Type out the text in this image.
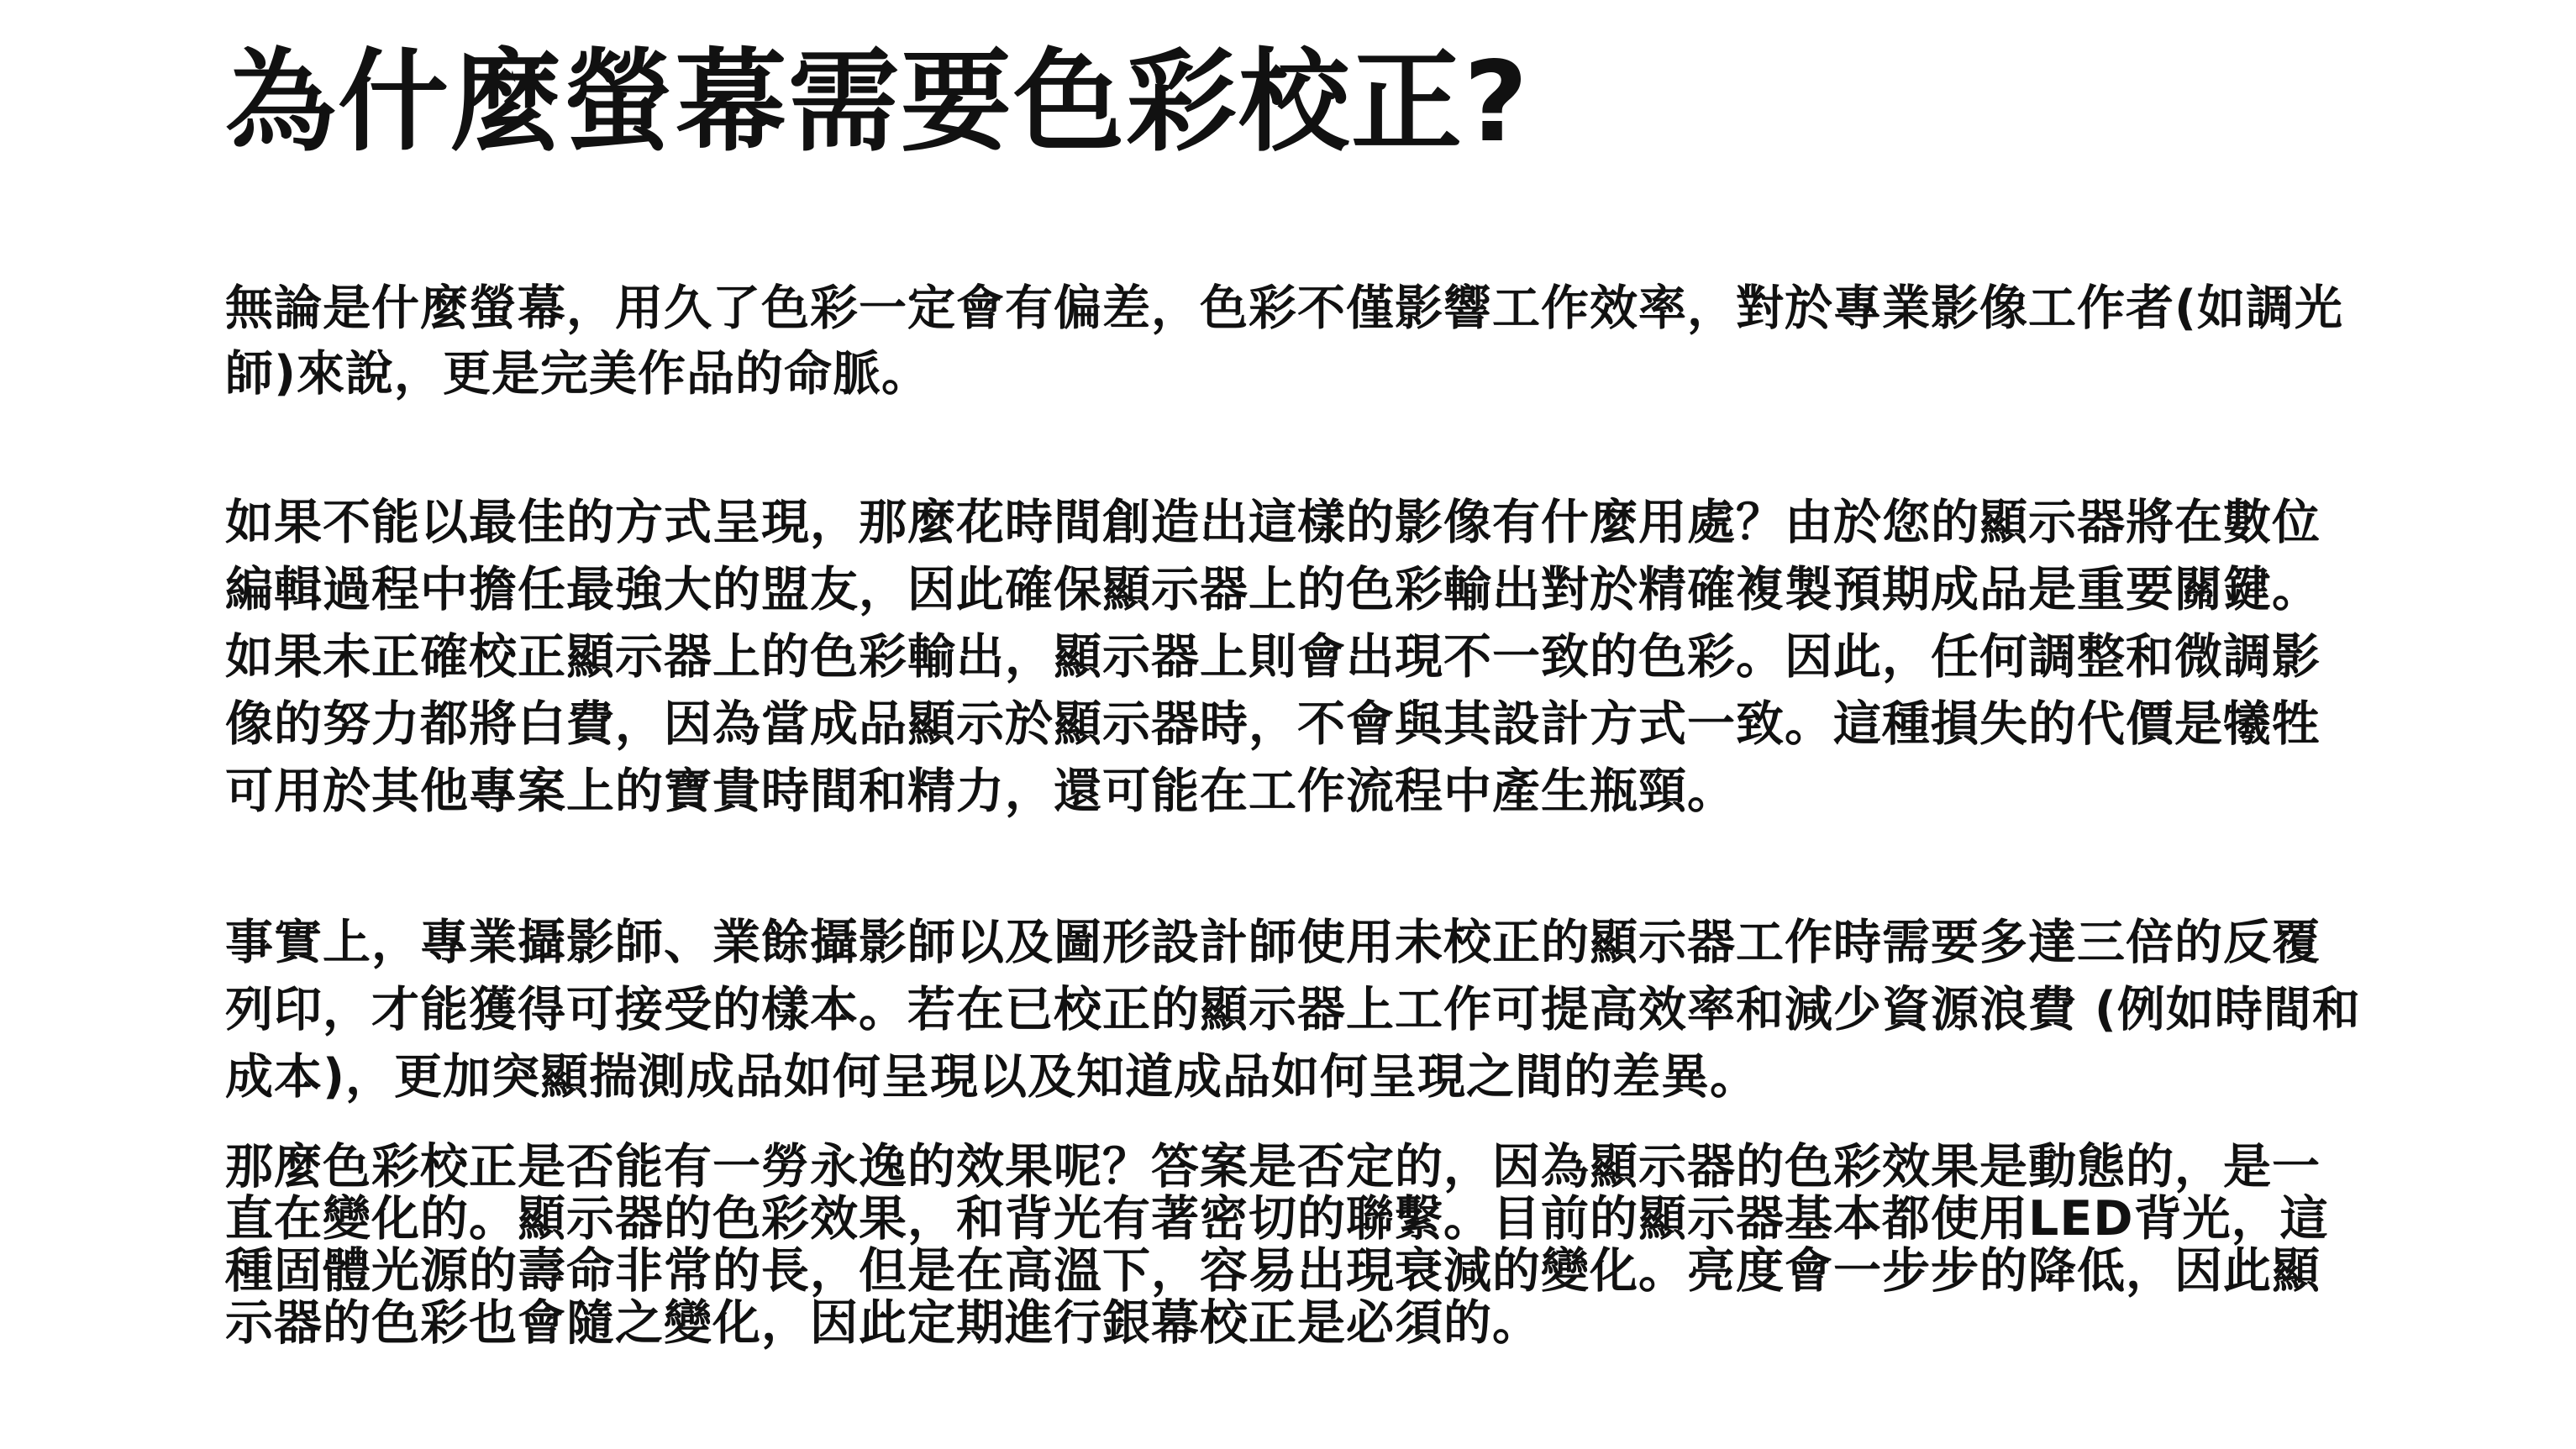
為什麼螢幕需要色彩校正?

無論是什麼螢幕，用久了色彩一定會有偏差，色彩不僅影響工作效率，對於專業影像工作者(如調光
師)來說，更是完美作品的命脈。

如果不能以最佳的方式呈現，那麼花時間創造出這樣的影像有什麼用處？由於您的顯示器將在數位
編輯過程中擔任最強大的盟友，因此確保顯示器上的色彩輸出對於精確複製預期成品是重要關鍵。
如果未正確校正顯示器上的色彩輸出，顯示器上則會出現不一致的色彩。因此，任何調整和微調影
像的努力都將白費，因為當成品顯示於顯示器時，不會與其設計方式一致。這種損失的代價是犧牲
可用於其他專案上的寶貴時間和精力，還可能在工作流程中產生瓶頸。

事實上，專業攝影師、業餘攝影師以及圖形設計師使用未校正的顯示器工作時需要多達三倍的反覆
列印，才能獲得可接受的樣本。若在已校正的顯示器上工作可提高效率和減少資源浪費 (例如時間和
成本)，更加突顯揣測成品如何呈現以及知道成品如何呈現之間的差異。

那麼色彩校正是否能有一勞永逸的效果呢？答案是否定的，因為顯示器的色彩效果是動態的，是一
直在變化的。顯示器的色彩效果，和背光有著密切的聯繫。目前的顯示器基本都使用LED背光，這
種固體光源的壽命非常的長，但是在高溫下，容易出現衰減的變化。亮度會一步步的降低，因此顯
示器的色彩也會隨之變化，因此定期進行銀幕校正是必須的。
